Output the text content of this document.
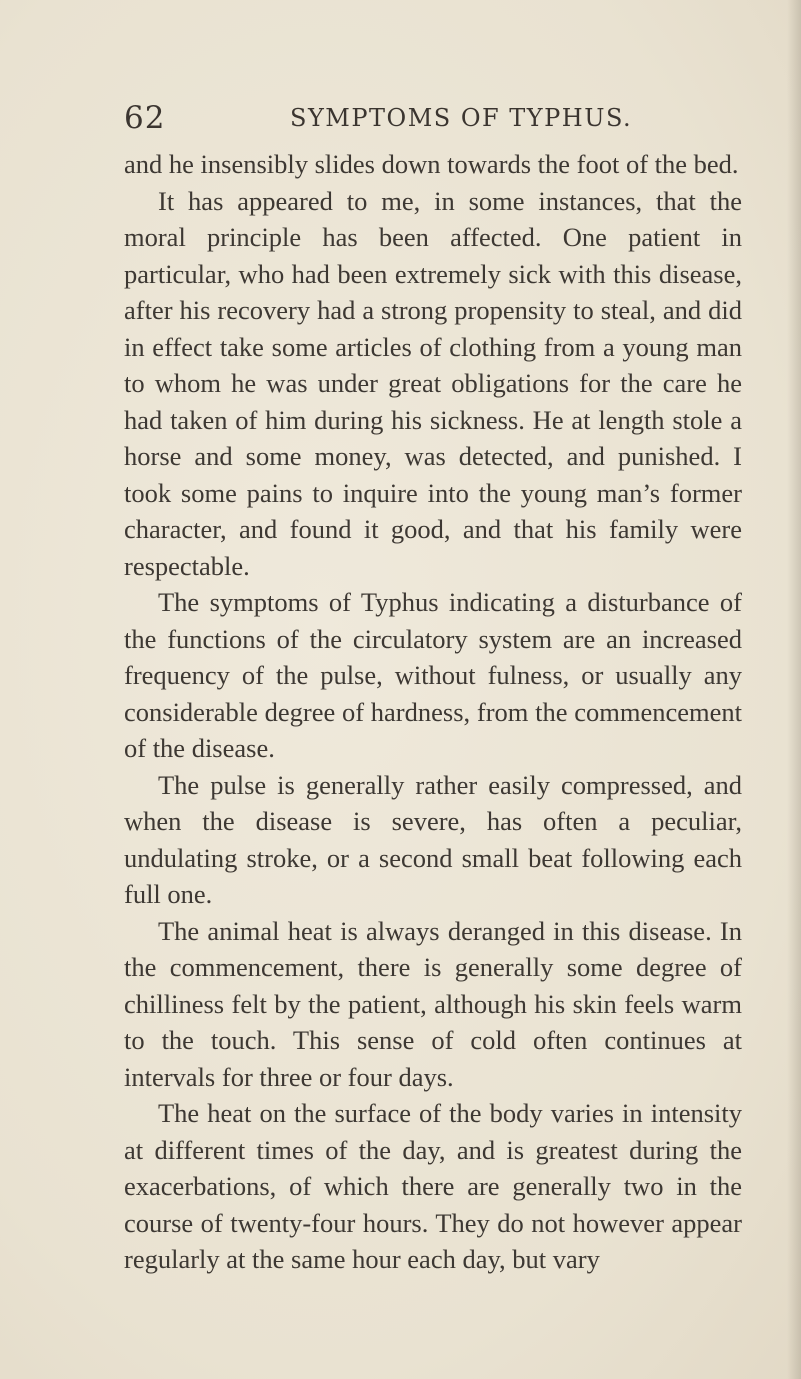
62	SYMPTOMS OF TYPHUS.

and he insensibly slides down towards the foot of the bed.

It has appeared to me, in some instances, that the moral principle has been affected. One patient in particular, who had been extremely sick with this disease, after his recovery had a strong propensity to steal, and did in effect take some articles of clothing from a young man to whom he was under great obligations for the care he had taken of him during his sickness. He at length stole a horse and some money, was detected, and punished. I took some pains to inquire into the young man’s former character, and found it good, and that his family were respectable.

The symptoms of Typhus indicating a disturbance of the functions of the circulatory system are an increased frequency of the pulse, without fulness, or usually any considerable degree of hardness, from the commencement of the disease.

The pulse is generally rather easily compressed, and when the disease is severe, has often a peculiar, undulating stroke, or a second small beat following each full one.

The animal heat is always deranged in this disease. In the commencement, there is generally some degree of chilliness felt by the patient, although his skin feels warm to the touch. This sense of cold often continues at intervals for three or four days.

The heat on the surface of the body varies in intensity at different times of the day, and is greatest during the exacerbations, of which there are generally two in the course of twenty-four hours. They do not however appear regularly at the same hour each day, but vary
